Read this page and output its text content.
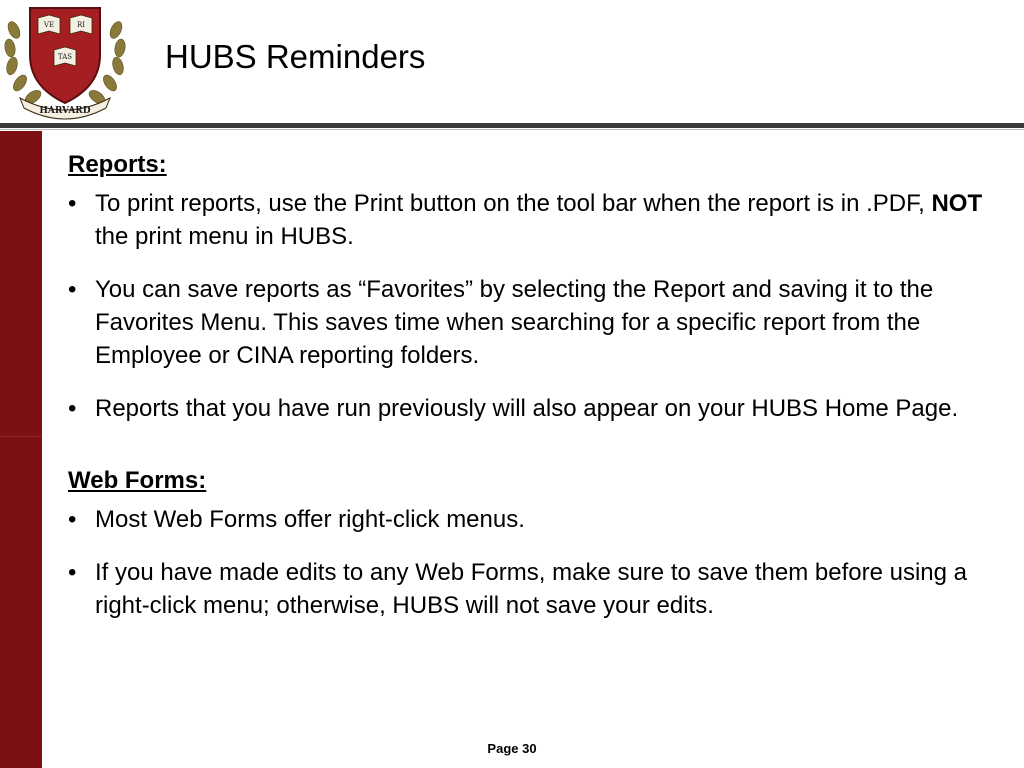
VE	RI
TAS
HARVARD
HUBS Reminders

Reports:

• To print reports, use the Print button on the tool bar when the report is in .PDF, NOT the print menu in HUBS.
• You can save reports as “Favorites” by selecting the Report and saving it to the Favorites Menu. This saves time when searching for a specific report from the Employee or CINA reporting folders.
• Reports that you have run previously will also appear on your HUBS Home Page.

Web Forms:

• Most Web Forms offer right-click menus.
• If you have made edits to any Web Forms, make sure to save them before using a right-click menu; otherwise, HUBS will not save your edits.
Page 30
